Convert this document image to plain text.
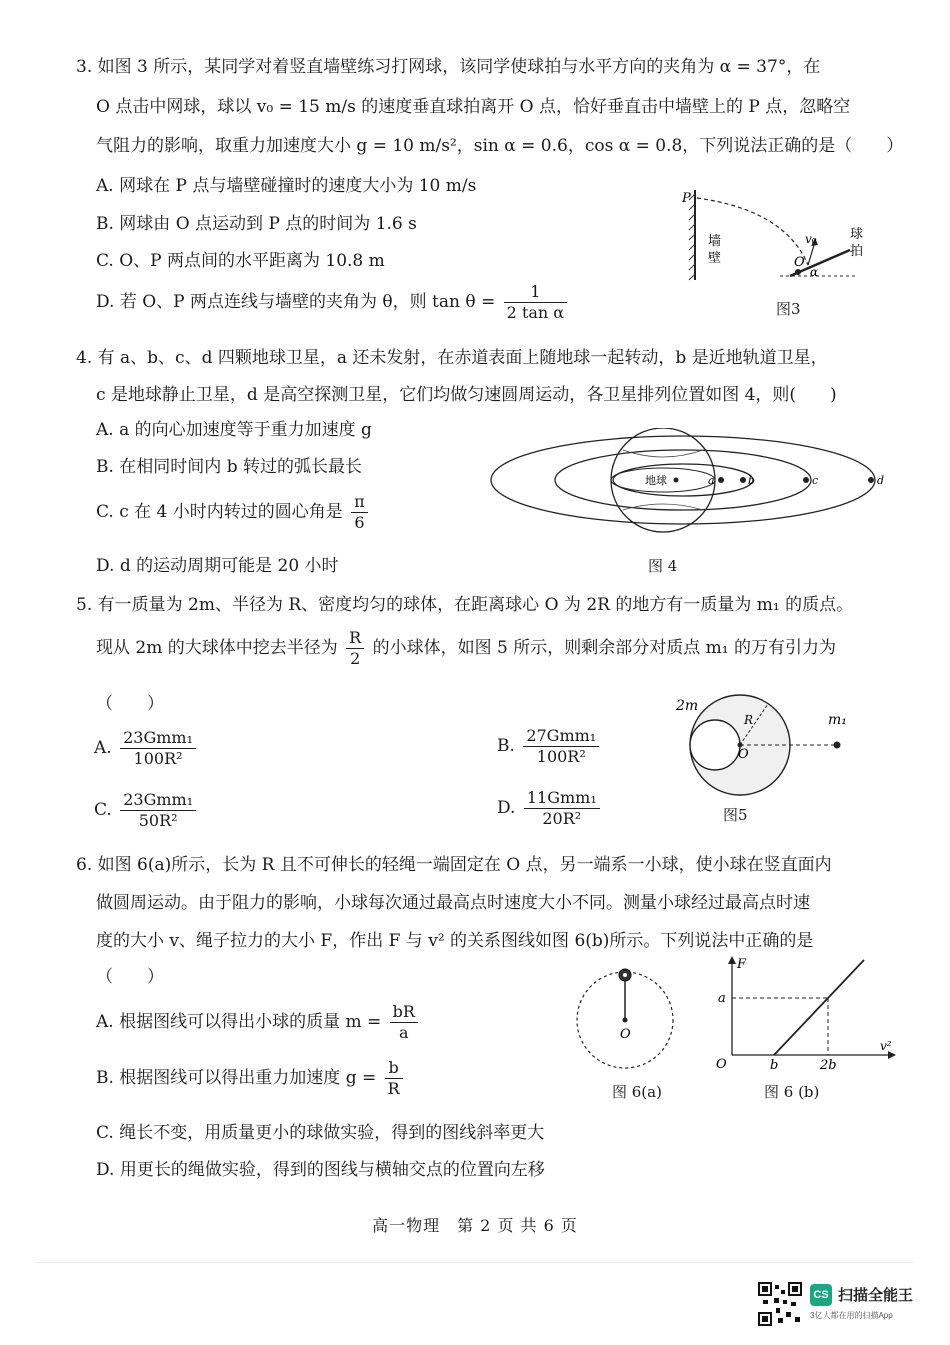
3. 如图 3 所示，某同学对着竖直墙壁练习打网球，该同学使球拍与水平方向的夹角为 α = 37°，在
O 点击中网球，球以 v₀ = 15 m/s 的速度垂直球拍离开 O 点，恰好垂直击中墙壁上的 P 点，忽略空
气阻力的影响，取重力加速度大小 g = 10 m/s²，sin α = 0.6，cos α = 0.8，下列说法正确的是（　　）
A. 网球在 P 点与墙壁碰撞时的速度大小为 10 m/s
B. 网球由 O 点运动到 P 点的时间为 1.6 s
C. O、P 两点间的水平距离为 10.8 m
D. 若 O、P 两点连线与墙壁的夹角为 θ，则 $\tan \theta = \frac{1}{\text{2 tan α}}$
P
墙
壁
v₀
O
α
球
拍
图3
4. 有 a、b、c、d 四颗地球卫星，a 还未发射，在赤道表面上随地球一起转动，b 是近地轨道卫星，
c 是地球静止卫星，d 是高空探测卫星，它们均做匀速圆周运动，各卫星排列位置如图 4，则(　　)
A. a 的向心加速度等于重力加速度 g
B. 在相同时间内 b 转过的弧长最长
C. c 在 4 小时内转过的圆心角是 $\frac{\pi}{6}$
D. d 的运动周期可能是 20 小时
地球	a	b	c	d
图 4
5. 有一质量为 2m、半径为 R、密度均匀的球体，在距离球心 O 为 2R 的地方有一质量为 m₁ 的质点。
现从 2m 的大球体中挖去半径为 $\frac{R}{2}$ 的小球体，如图 5 所示，则剩余部分对质点 m₁ 的万有引力为
（　　）
A. $\frac{\text{23Gmm₁}}{\text{100R²}}$	B. $\frac{\text{27Gmm₁}}{\text{100R²}}$
C. $\frac{\text{23Gmm₁}}{\text{50R²}}$	D. $\frac{\text{11Gmm₁}}{\text{20R²}}$
2m
R
O
m₁
图5
6. 如图 6(a)所示，长为 R 且不可伸长的轻绳一端固定在 O 点，另一端系一小球，使小球在竖直面内
做圆周运动。由于阻力的影响，小球每次通过最高点时速度大小不同。测量小球经过最高点时速
度的大小 v、绳子拉力的大小 F，作出 F 与 v² 的关系图线如图 6(b)所示。下列说法中正确的是
（　　）
A. 根据图线可以得出小球的质量 $m = \frac{bR}{a}$
B. 根据图线可以得出重力加速度 $g = \frac{b}{R}$
C. 绳长不变，用质量更小的球做实验，得到的图线斜率更大
D. 用更长的绳做实验，得到的图线与横轴交点的位置向左移
O
图 6(a)
F
a
O	b	2b
v²
图 6 (b)
高一物理　第 2 页 共 6 页
CS 扫描全能王
3亿人都在用的扫描App
